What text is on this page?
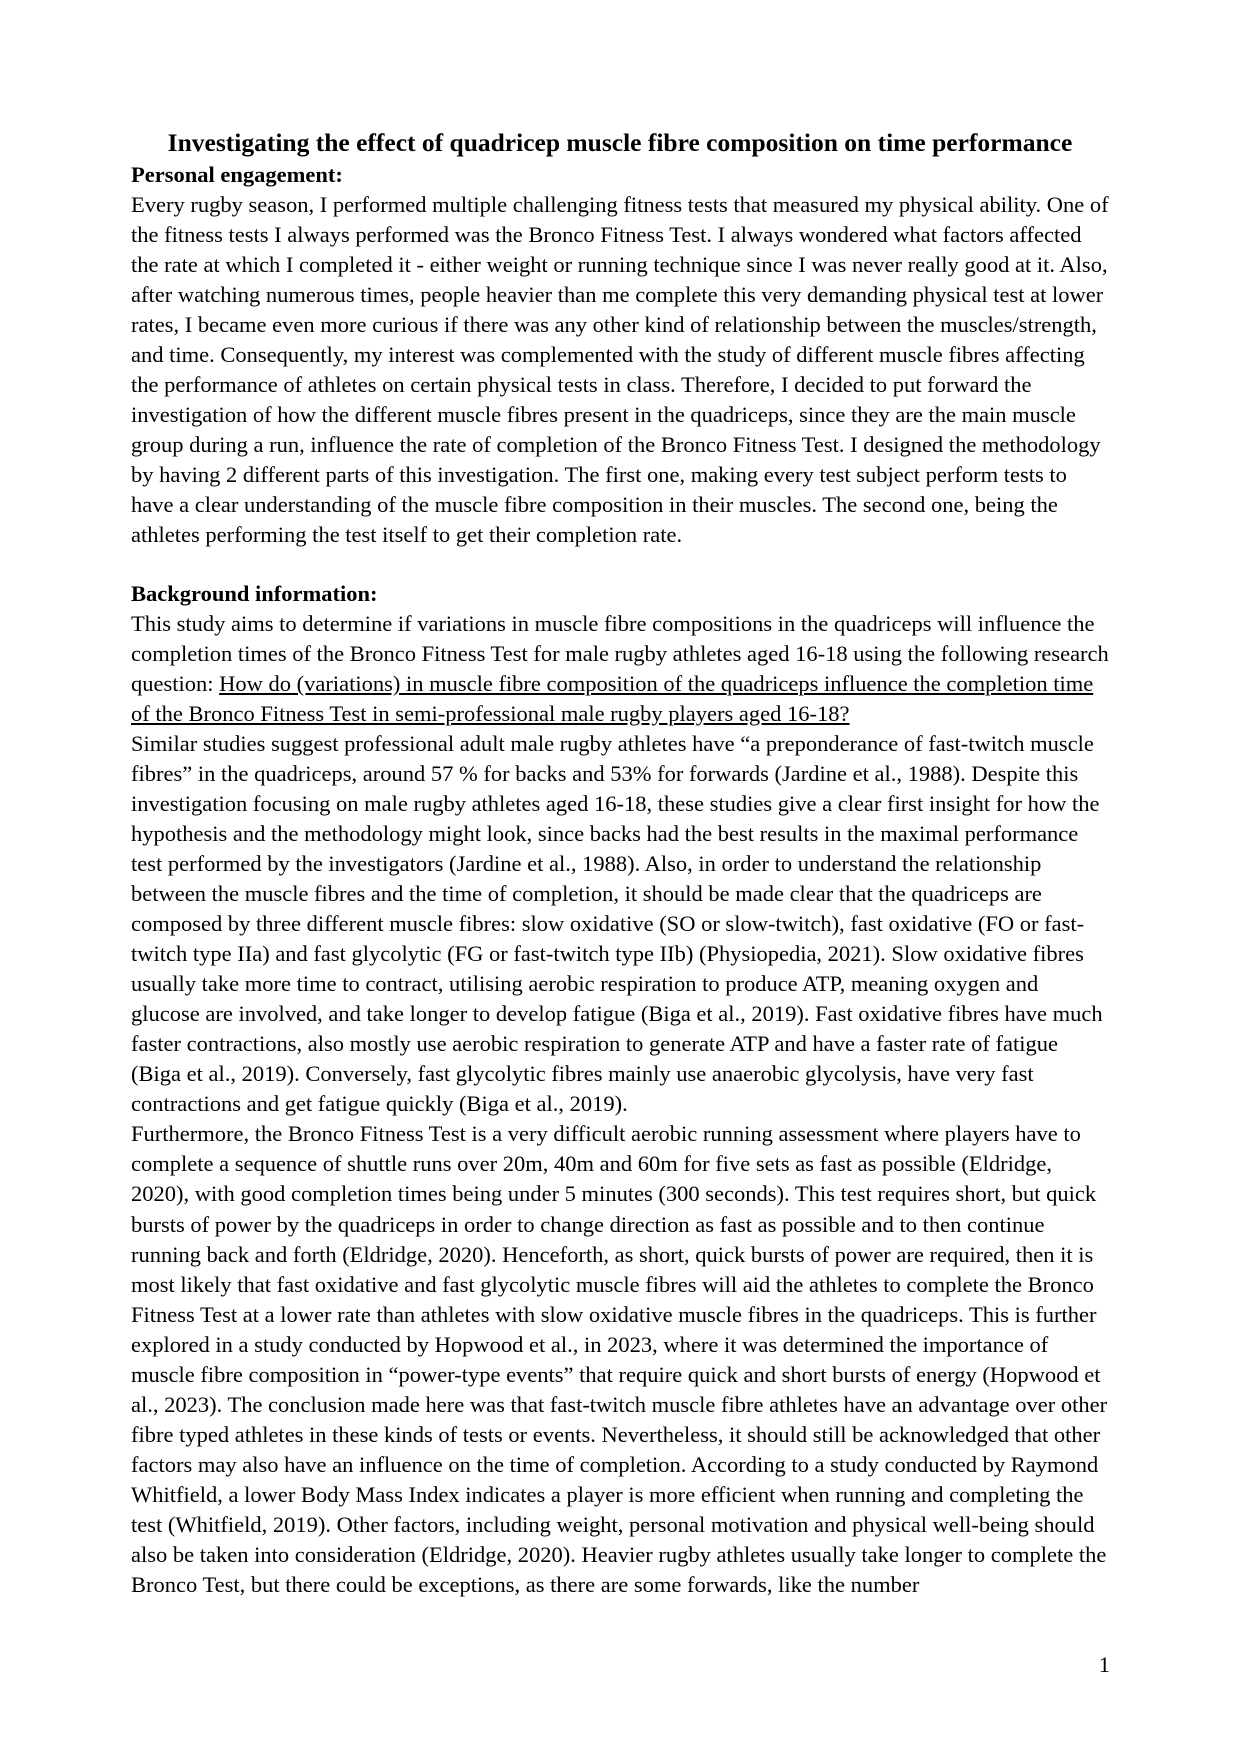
Investigating the effect of quadricep muscle fibre composition on time performance
Personal engagement:

Every rugby season, I performed multiple challenging fitness tests that measured my physical ability. One of the fitness tests I always performed was the Bronco Fitness Test. I always wondered what factors affected the rate at which I completed it - either weight or running technique since I was never really good at it. Also, after watching numerous times, people heavier than me complete this very demanding physical test at lower rates, I became even more curious if there was any other kind of relationship between the muscles/strength, and time. Consequently, my interest was complemented with the study of different muscle fibres affecting the performance of athletes on certain physical tests in class. Therefore, I decided to put forward the investigation of how the different muscle fibres present in the quadriceps, since they are the main muscle group during a run, influence the rate of completion of the Bronco Fitness Test. I designed the methodology by having 2 different parts of this investigation. The first one, making every test subject perform tests to have a clear understanding of the muscle fibre composition in their muscles. The second one, being the athletes performing the test itself to get their completion rate.

Background information:

This study aims to determine if variations in muscle fibre compositions in the quadriceps will influence the completion times of the Bronco Fitness Test for male rugby athletes aged 16-18 using the following research question: How do (variations) in muscle fibre composition of the quadriceps influence the completion time of the Bronco Fitness Test in semi-professional male rugby players aged 16-18?

Similar studies suggest professional adult male rugby athletes have “a preponderance of fast-twitch muscle fibres” in the quadriceps, around 57 % for backs and 53% for forwards (Jardine et al., 1988). Despite this investigation focusing on male rugby athletes aged 16-18, these studies give a clear first insight for how the hypothesis and the methodology might look, since backs had the best results in the maximal performance test performed by the investigators (Jardine et al., 1988). Also, in order to understand the relationship between the muscle fibres and the time of completion, it should be made clear that the quadriceps are composed by three different muscle fibres: slow oxidative (SO or slow-twitch), fast oxidative (FO or fast-twitch type IIa) and fast glycolytic (FG or fast-twitch type IIb) (Physiopedia, 2021). Slow oxidative fibres usually take more time to contract, utilising aerobic respiration to produce ATP, meaning oxygen and glucose are involved, and take longer to develop fatigue (Biga et al., 2019). Fast oxidative fibres have much faster contractions, also mostly use aerobic respiration to generate ATP and have a faster rate of fatigue (Biga et al., 2019). Conversely, fast glycolytic fibres mainly use anaerobic glycolysis, have very fast contractions and get fatigue quickly (Biga et al., 2019).

Furthermore, the Bronco Fitness Test is a very difficult aerobic running assessment where players have to complete a sequence of shuttle runs over 20m, 40m and 60m for five sets as fast as possible (Eldridge, 2020), with good completion times being under 5 minutes (300 seconds). This test requires short, but quick bursts of power by the quadriceps in order to change direction as fast as possible and to then continue running back and forth (Eldridge, 2020). Henceforth, as short, quick bursts of power are required, then it is most likely that fast oxidative and fast glycolytic muscle fibres will aid the athletes to complete the Bronco Fitness Test at a lower rate than athletes with slow oxidative muscle fibres in the quadriceps. This is further explored in a study conducted by Hopwood et al., in 2023, where it was determined the importance of muscle fibre composition in “power-type events” that require quick and short bursts of energy (Hopwood et al., 2023). The conclusion made here was that fast-twitch muscle fibre athletes have an advantage over other fibre typed athletes in these kinds of tests or events. Nevertheless, it should still be acknowledged that other factors may also have an influence on the time of completion. According to a study conducted by Raymond Whitfield, a lower Body Mass Index indicates a player is more efficient when running and completing the test (Whitfield, 2019). Other factors, including weight, personal motivation and physical well-being should also be taken into consideration (Eldridge, 2020). Heavier rugby athletes usually take longer to complete the Bronco Test, but there could be exceptions, as there are some forwards, like the number

1
